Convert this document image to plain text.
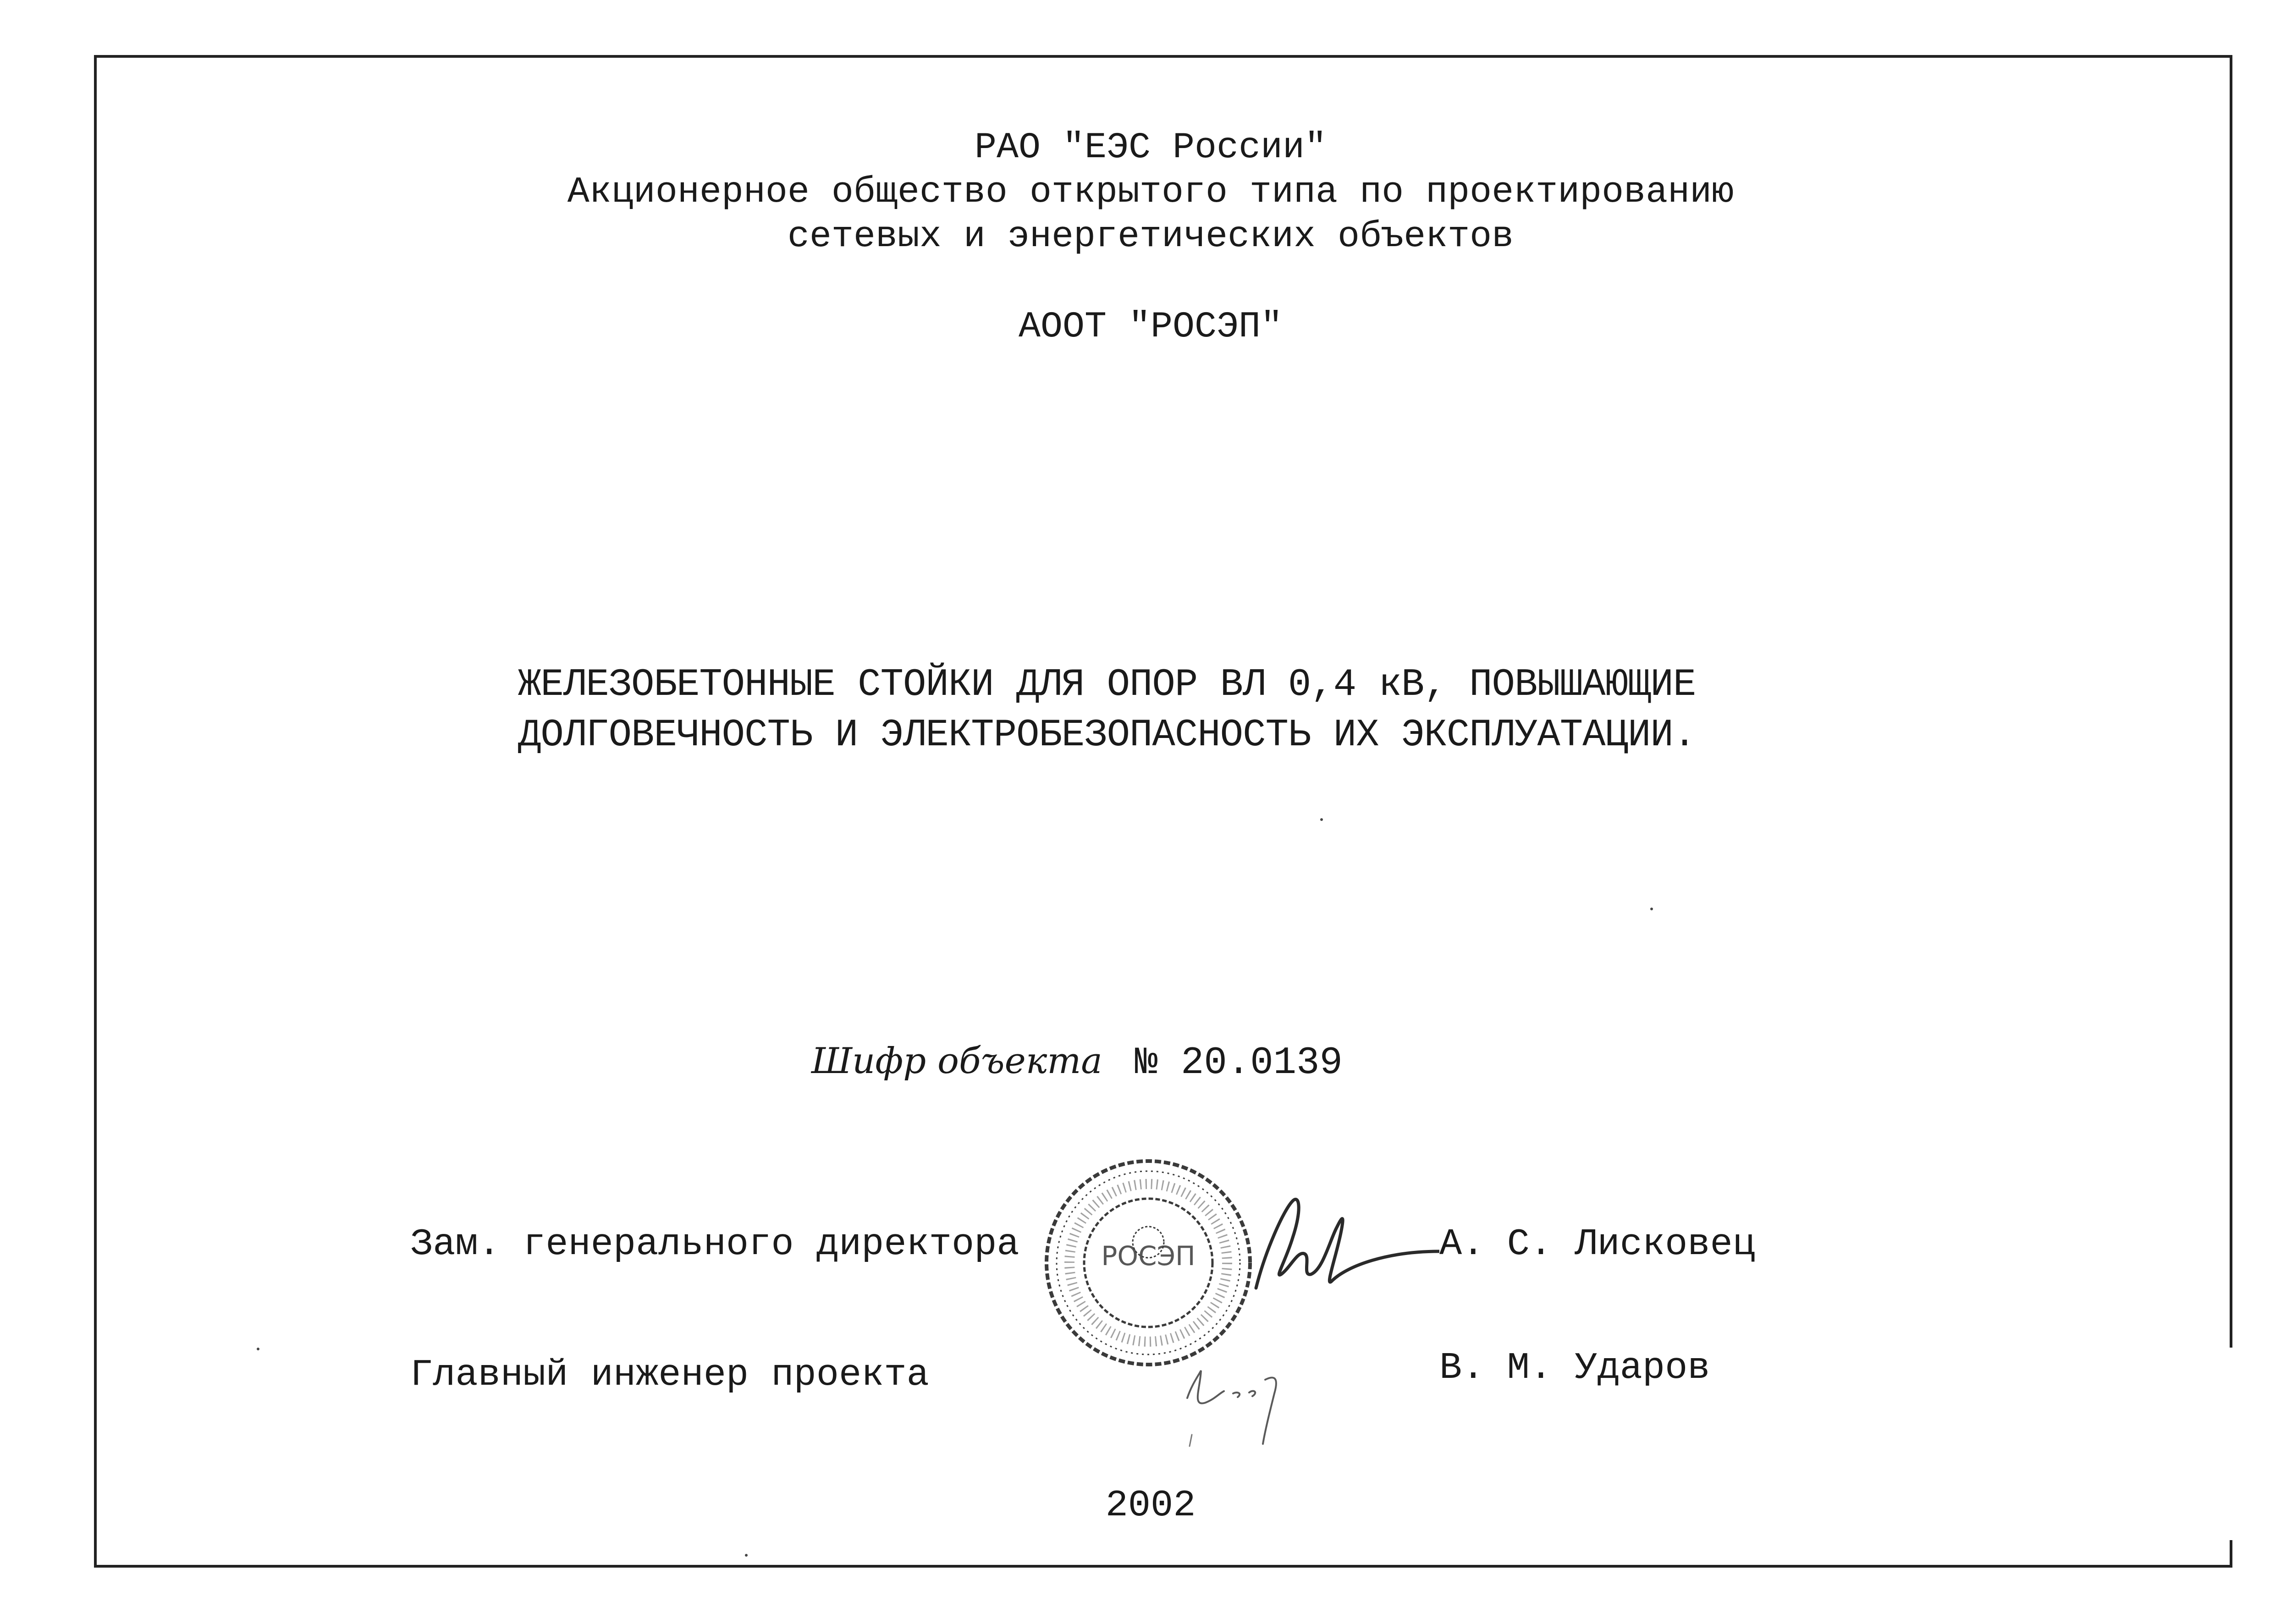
РАО "ЕЭС России"
Акционерное общество открытого типа по проектированию
сетевых и энергетических объектов
АООТ "РОСЭП"
ЖЕЛЕЗОБЕТОННЫЕ СТОЙКИ ДЛЯ ОПОР ВЛ 0,4 кВ, ПОВЫШАЮЩИЕ
ДОЛГОВЕЧНОСТЬ И ЭЛЕКТРОБЕЗОПАСНОСТЬ ИХ ЭКСПЛУАТАЦИИ.
Шифр объекта № 20.0139
Зам. генерального директора	А. С. Лисковец
Главный инженер проекта	В. М. Ударов
РОСЭП
2002
